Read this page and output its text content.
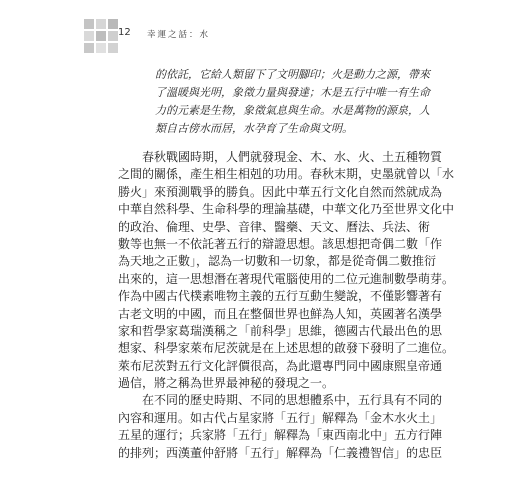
12 幸運之話：水
的依託，它給人類留下了文明腳印；火是動力之源，帶來
了溫暖與光明，象徵力量與發達；木是五行中唯一有生命
力的元素是生物，象徵氣息與生命。水是萬物的源泉，人
類自古傍水而居，水孕育了生命與文明。
春秋戰國時期，人們就發現金、木、水、火、土五種物質
之間的關係，產生相生相剋的功用。春秋末期，史墨就曾以「水
勝火」來預測戰爭的勝負。因此中華五行文化自然而然就成為
中華自然科學、生命科學的理論基礎，中華文化乃至世界文化中
的政治、倫理、史學、音律、醫藥、天文、曆法、兵法、術
數等也無一不依託著五行的辯證思想。該思想把奇偶二數「作
為天地之正數」，認為一切數和一切象，都是從奇偶二數推衍
出來的，這一思想潛在著現代電腦使用的二位元進制數學萌芽。
作為中國古代樸素唯物主義的五行互動生變說，不僅影響著有
古老文明的中國，而且在整個世界也鮮為人知，英國著名漢學
家和哲學家葛瑞漢稱之「前科學」思維，德國古代最出色的思
想家、科學家萊布尼茨就是在上述思想的啟發下發明了二進位。
萊布尼茨對五行文化評價很高，為此還專門同中國康熙皇帝通
過信，將之稱為世界最神秘的發現之一。
在不同的歷史時期、不同的思想體系中，五行具有不同的
內容和運用。如古代占星家將「五行」解釋為「金木水火土」
五星的運行；兵家將「五行」解釋為「東西南北中」五方行陣
的排列；西漢董仲舒將「五行」解釋為「仁義禮智信」的忠臣
